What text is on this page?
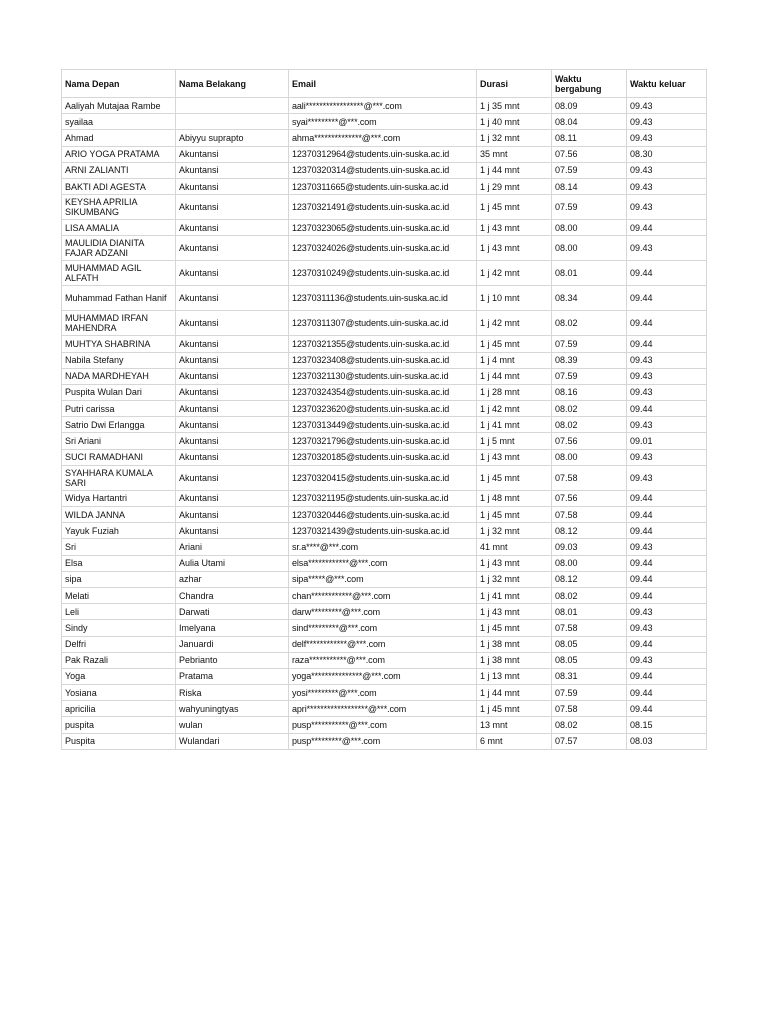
Nama Depan	Nama Belakang	Email	Durasi	Waktu bergabung	Waktu keluar
Aaliyah Mutajaa Rambe		aali*****************@***.com	1 j 35 mnt	08.09	09.43
syailaa		syai*********@***.com	1 j 40 mnt	08.04	09.43
Ahmad	Abiyyu suprapto	ahma**************@***.com	1 j 32 mnt	08.11	09.43
ARIO YOGA PRATAMA	Akuntansi	12370312964@students.uin-suska.ac.id	35 mnt	07.56	08.30
ARNI ZALIANTI	Akuntansi	12370320314@students.uin-suska.ac.id	1 j 44 mnt	07.59	09.43
BAKTI ADI AGESTA	Akuntansi	12370311665@students.uin-suska.ac.id	1 j 29 mnt	08.14	09.43
KEYSHA APRILIA SIKUMBANG	Akuntansi	12370321491@students.uin-suska.ac.id	1 j 45 mnt	07.59	09.43
LISA AMALIA	Akuntansi	12370323065@students.uin-suska.ac.id	1 j 43 mnt	08.00	09.44
MAULIDIA DIANITA FAJAR ADZANI	Akuntansi	12370324026@students.uin-suska.ac.id	1 j 43 mnt	08.00	09.43
MUHAMMAD AGIL ALFATH	Akuntansi	12370310249@students.uin-suska.ac.id	1 j 42 mnt	08.01	09.44
Muhammad Fathan Hanif	Akuntansi	12370311136@students.uin-suska.ac.id	1 j 10 mnt	08.34	09.44
MUHAMMAD IRFAN MAHENDRA	Akuntansi	12370311307@students.uin-suska.ac.id	1 j 42 mnt	08.02	09.44
MUHTYA SHABRINA	Akuntansi	12370321355@students.uin-suska.ac.id	1 j 45 mnt	07.59	09.44
Nabila Stefany	Akuntansi	12370323408@students.uin-suska.ac.id	1 j 4 mnt	08.39	09.43
NADA MARDHEYAH	Akuntansi	12370321130@students.uin-suska.ac.id	1 j 44 mnt	07.59	09.43
Puspita Wulan Dari	Akuntansi	12370324354@students.uin-suska.ac.id	1 j 28 mnt	08.16	09.43
Putri carissa	Akuntansi	12370323620@students.uin-suska.ac.id	1 j 42 mnt	08.02	09.44
Satrio Dwi Erlangga	Akuntansi	12370313449@students.uin-suska.ac.id	1 j 41 mnt	08.02	09.43
Sri Ariani	Akuntansi	12370321796@students.uin-suska.ac.id	1 j 5 mnt	07.56	09.01
SUCI RAMADHANI	Akuntansi	12370320185@students.uin-suska.ac.id	1 j 43 mnt	08.00	09.43
SYAHHARA KUMALA SARI	Akuntansi	12370320415@students.uin-suska.ac.id	1 j 45 mnt	07.58	09.43
Widya Hartantri	Akuntansi	12370321195@students.uin-suska.ac.id	1 j 48 mnt	07.56	09.44
WILDA JANNA	Akuntansi	12370320446@students.uin-suska.ac.id	1 j 45 mnt	07.58	09.44
Yayuk Fuziah	Akuntansi	12370321439@students.uin-suska.ac.id	1 j 32 mnt	08.12	09.44
Sri	Ariani	sr.a****@***.com	41 mnt	09.03	09.43
Elsa	Aulia Utami	elsa************@***.com	1 j 43 mnt	08.00	09.44
sipa	azhar	sipa*****@***.com	1 j 32 mnt	08.12	09.44
Melati	Chandra	chan************@***.com	1 j 41 mnt	08.02	09.44
Leli	Darwati	darw*********@***.com	1 j 43 mnt	08.01	09.43
Sindy	Imelyana	sind*********@***.com	1 j 45 mnt	07.58	09.43
Delfri	Januardi	delf************@***.com	1 j 38 mnt	08.05	09.44
Pak Razali	Pebrianto	raza***********@***.com	1 j 38 mnt	08.05	09.43
Yoga	Pratama	yoga***************@***.com	1 j 13 mnt	08.31	09.44
Yosiana	Riska	yosi*********@***.com	1 j 44 mnt	07.59	09.44
apricilia	wahyuningtyas	apri******************@***.com	1 j 45 mnt	07.58	09.44
puspita	wulan	pusp***********@***.com	13 mnt	08.02	08.15
Puspita	Wulandari	pusp*********@***.com	6 mnt	07.57	08.03
